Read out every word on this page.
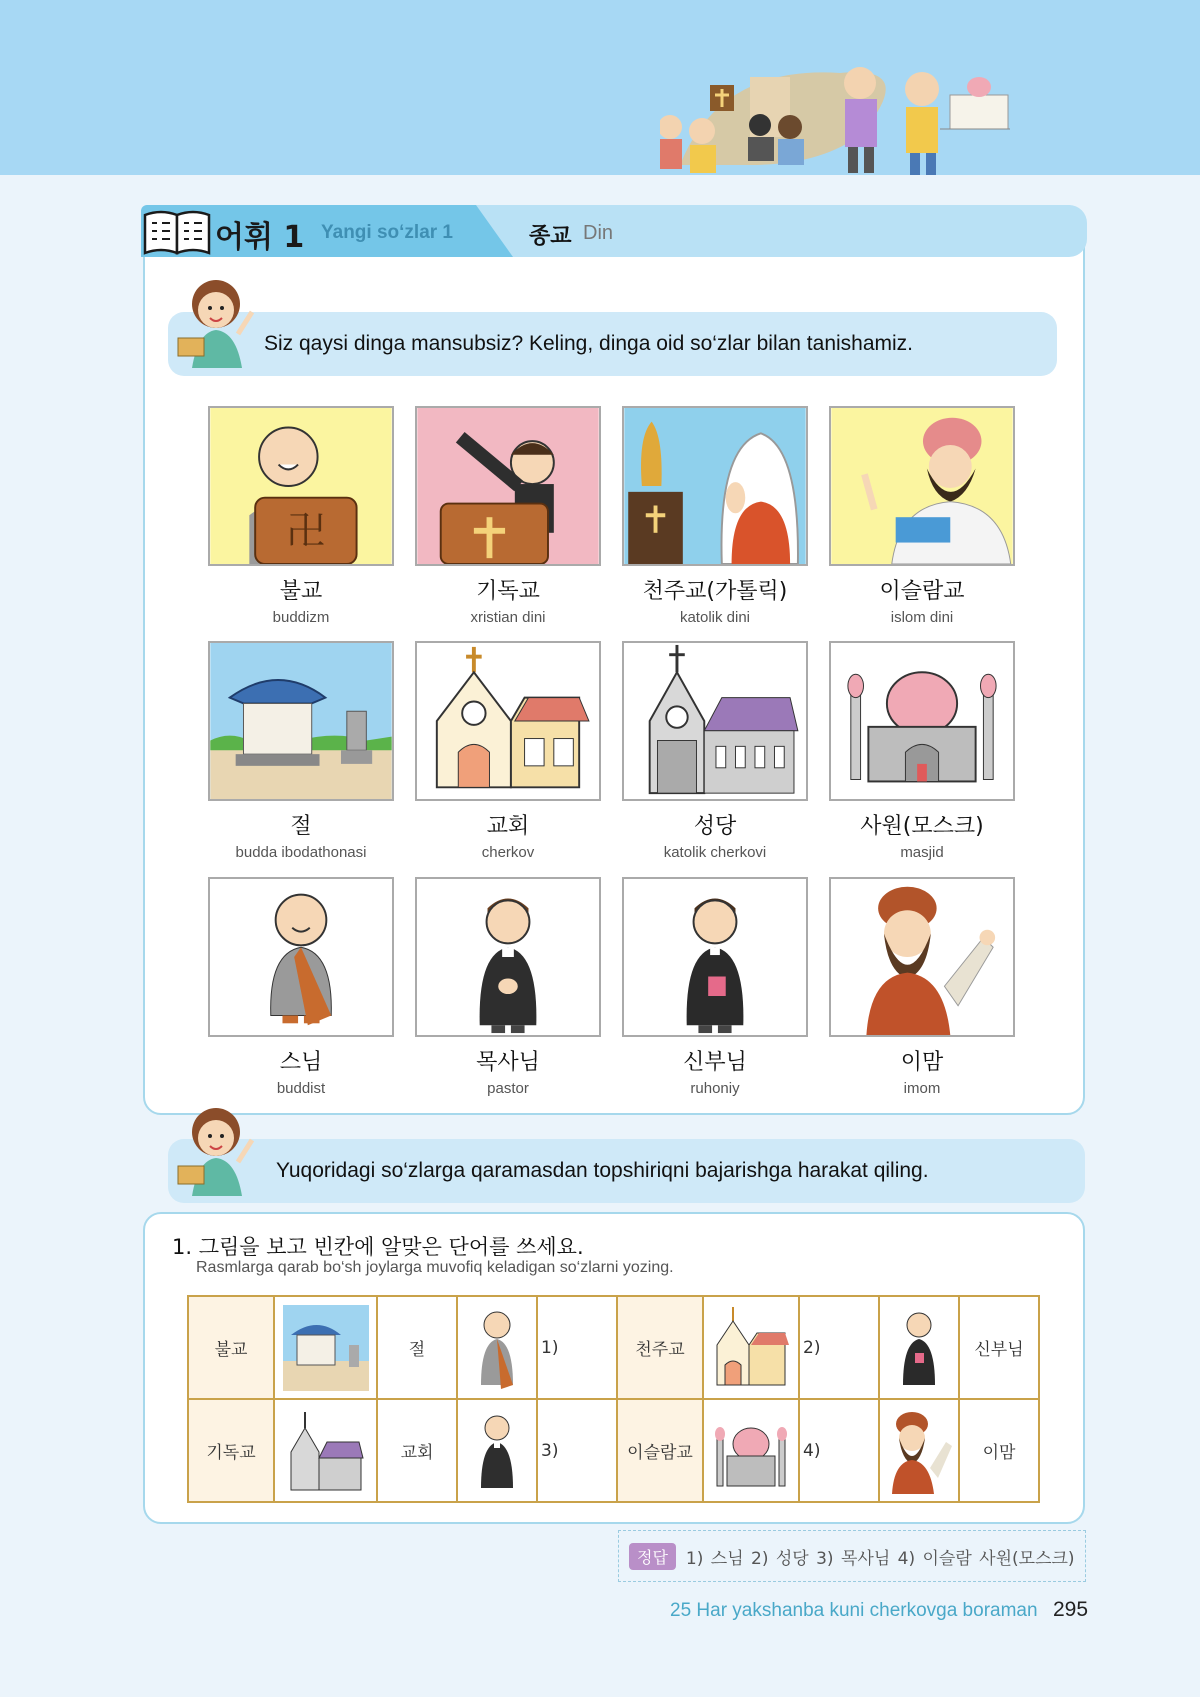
어휘 1 Yangi so‘zlar 1	종교 Din
Siz qaysi dinga mansubsiz? Keling, dinga oid so‘zlar bilan tanishamiz.
卍
불교
buddizm
기독교
xristian dini
천주교(가톨릭)
katolik dini
이슬람교
islom dini
절
budda ibodathonasi
교회
cherkov
성당
katolik cherkovi
사원(모스크)
masjid
스님
buddist
목사님
pastor
신부님
ruhoniy
이맘
imom
Yuqoridagi so‘zlarga qaramasdan topshiriqni bajarishga harakat qiling.
1. 그림을 보고 빈칸에 알맞은 단어를 쓰세요.
Rasmlarga qarab bo‘sh joylarga muvofiq keladigan so‘zlarni yozing.
불교		절		1)	천주교		2)		신부님
기독교		교회		3)	이슬람교		4)		이맘
정답	1) 스님 2) 성당 3) 목사님 4) 이슬람 사원(모스크)
25 Har yakshanba kuni cherkovga boraman 295
